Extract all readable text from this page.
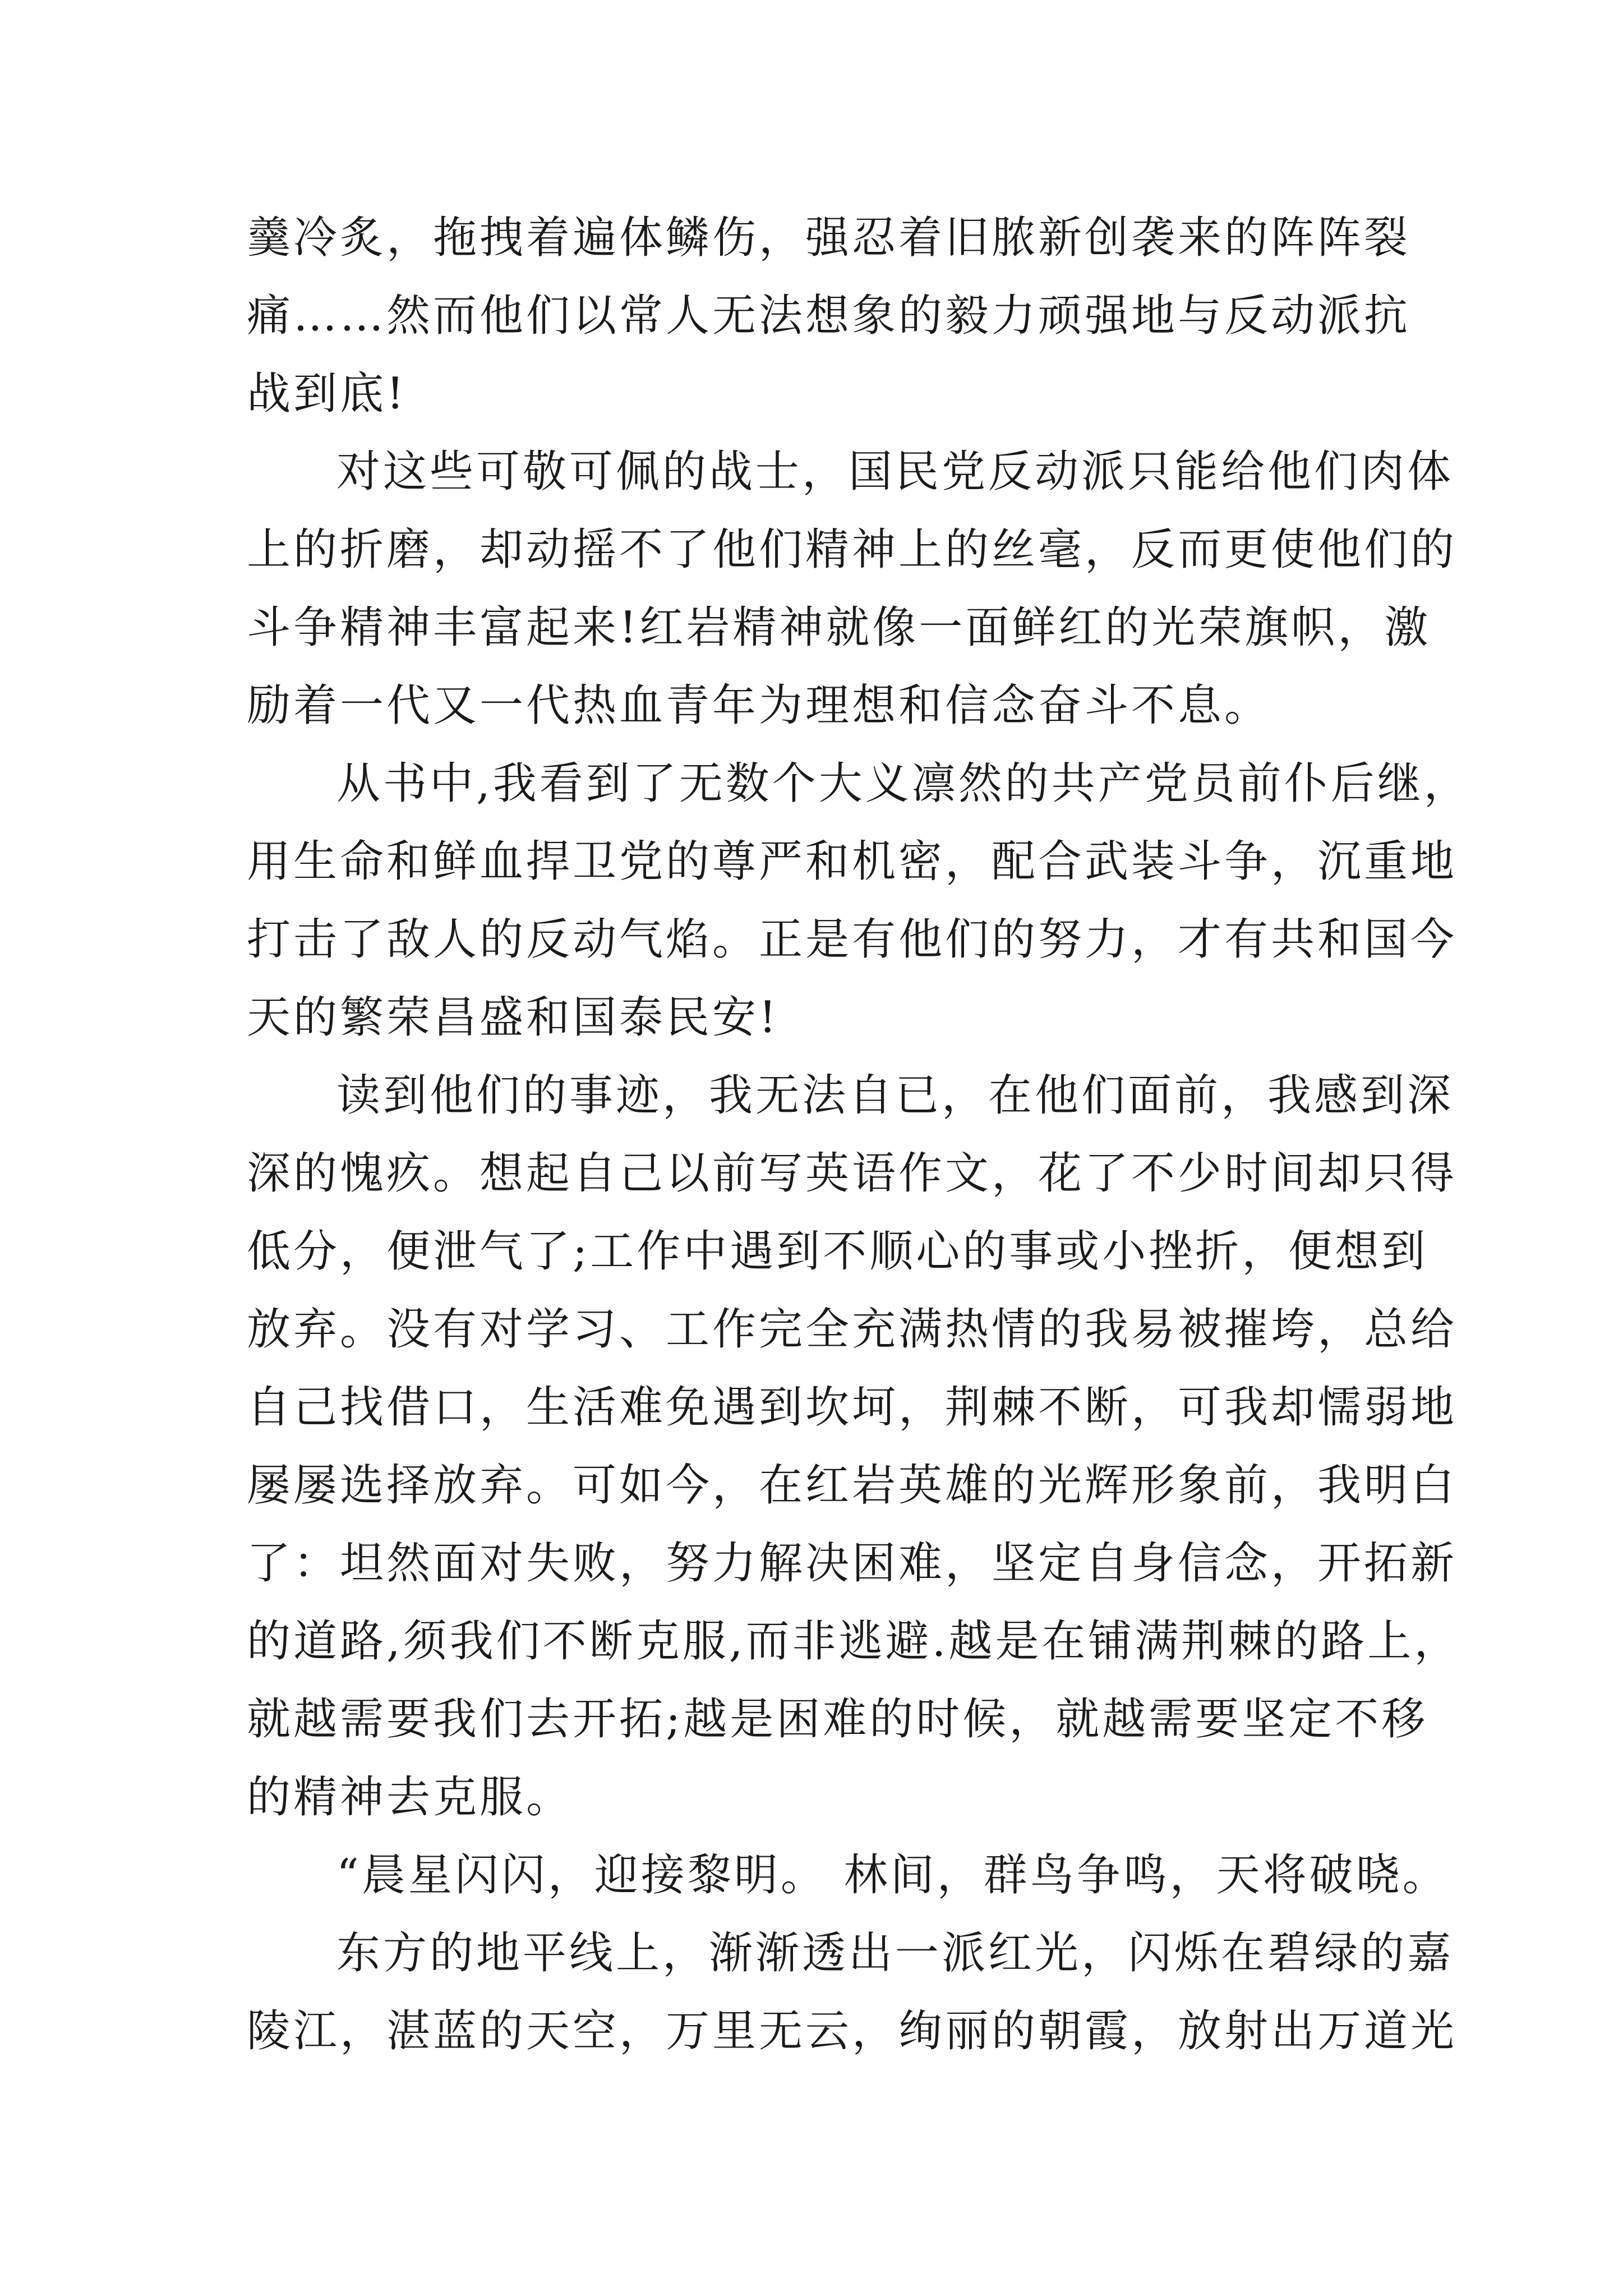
羹冷炙，拖拽着遍体鳞伤，强忍着旧脓新创袭来的阵阵裂
痛……然而他们以常人无法想象的毅力顽强地与反动派抗
战到底!
对这些可敬可佩的战士，国民党反动派只能给他们肉体
上的折磨，却动摇不了他们精神上的丝毫，反而更使他们的
斗争精神丰富起来!红岩精神就像一面鲜红的光荣旗帜，激
励着一代又一代热血青年为理想和信念奋斗不息。
从书中,我看到了无数个大义凛然的共产党员前仆后继，
用生命和鲜血捍卫党的尊严和机密，配合武装斗争，沉重地
打击了敌人的反动气焰。正是有他们的努力，才有共和国今
天的繁荣昌盛和国泰民安!
读到他们的事迹，我无法自已，在他们面前，我感到深
深的愧疚。想起自己以前写英语作文，花了不少时间却只得
低分，便泄气了;工作中遇到不顺心的事或小挫折，便想到
放弃。没有对学习、工作完全充满热情的我易被摧垮，总给
自己找借口，生活难免遇到坎坷，荆棘不断，可我却懦弱地
屡屡选择放弃。可如今，在红岩英雄的光辉形象前，我明白
了：坦然面对失败，努力解决困难，坚定自身信念，开拓新
的道路,须我们不断克服,而非逃避.越是在铺满荆棘的路上，
就越需要我们去开拓;越是困难的时候，就越需要坚定不移
的精神去克服。
“晨星闪闪，迎接黎明。 林间，群鸟争鸣，天将破晓。
东方的地平线上，渐渐透出一派红光，闪烁在碧绿的嘉
陵江，湛蓝的天空，万里无云，绚丽的朝霞，放射出万道光
